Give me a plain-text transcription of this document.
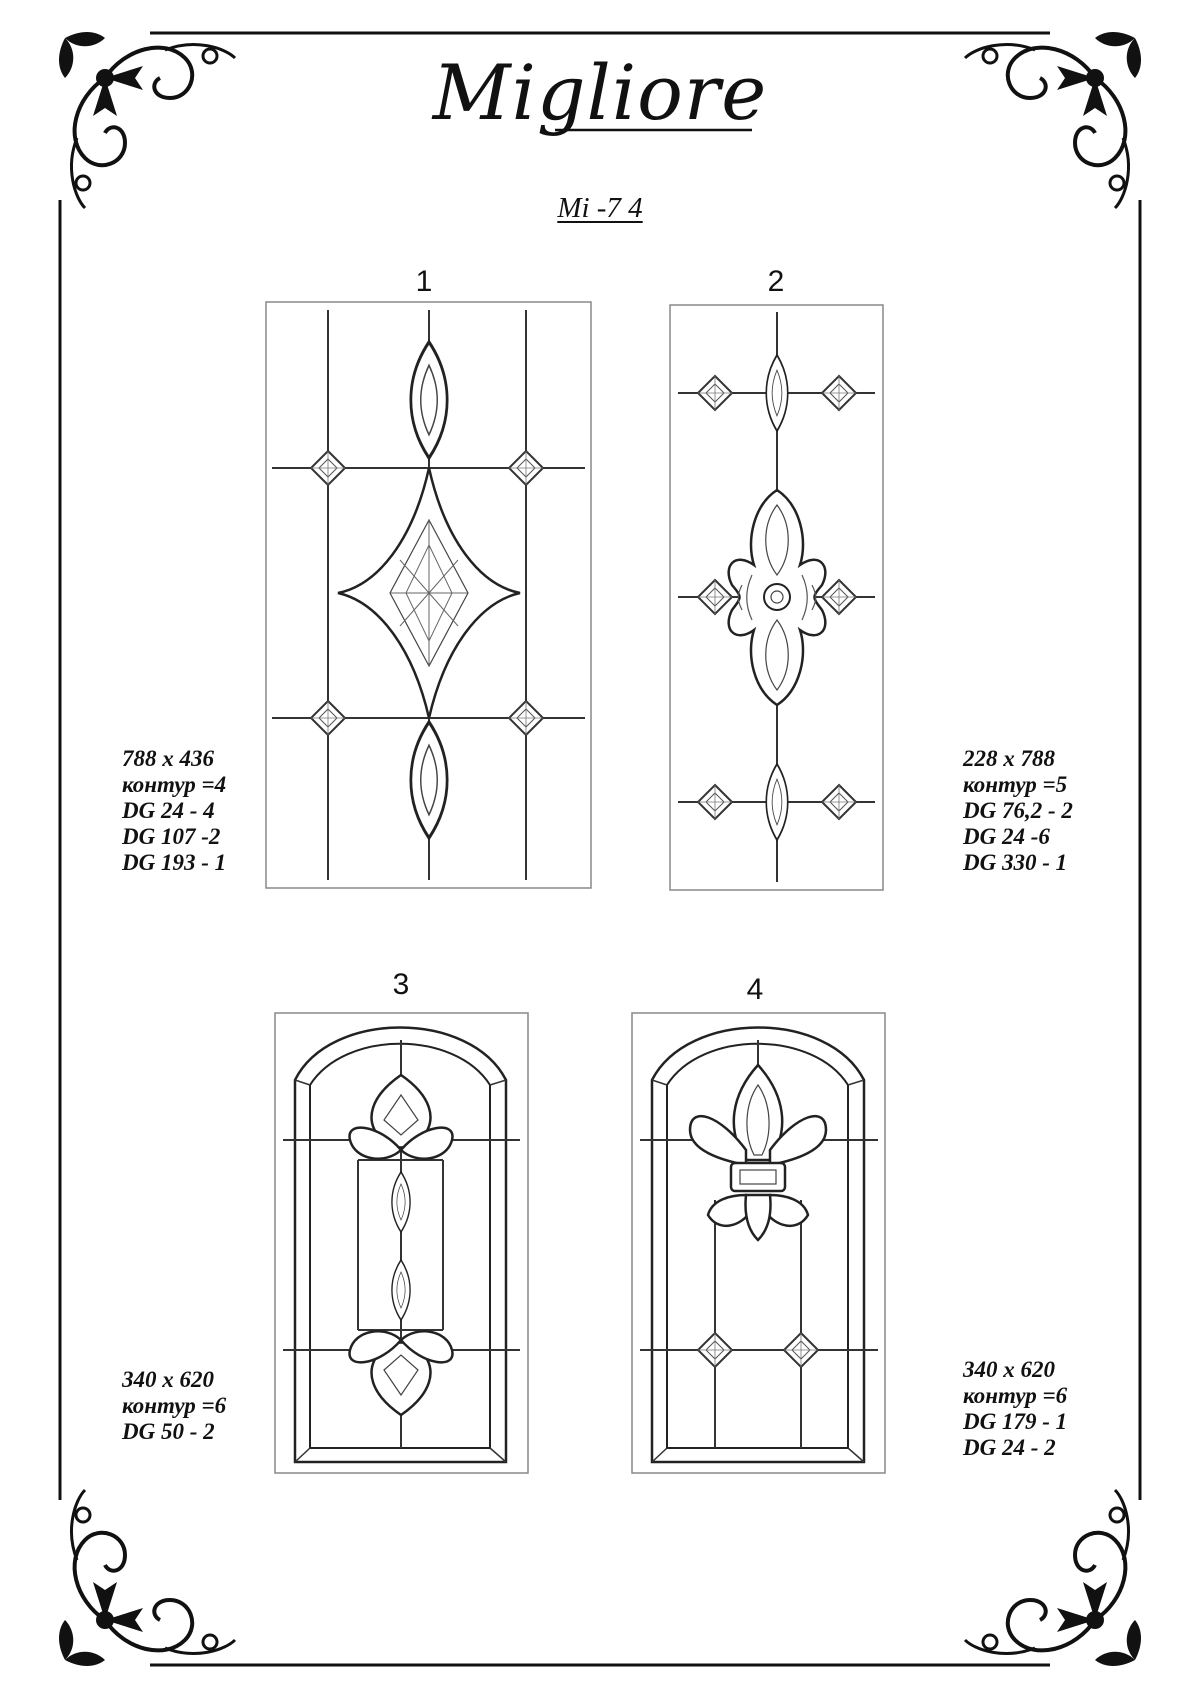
Migliore
Mi -7 4
1	2
3	4
788 x 436
контур =4
DG 24 - 4
DG 107 -2
DG 193 - 1
228 x 788
контур =5
DG 76,2 - 2
DG 24 -6
DG 330 - 1
340 x 620
контур =6
DG 50 - 2
340 x 620
контур =6
DG 179 - 1
DG 24 - 2
